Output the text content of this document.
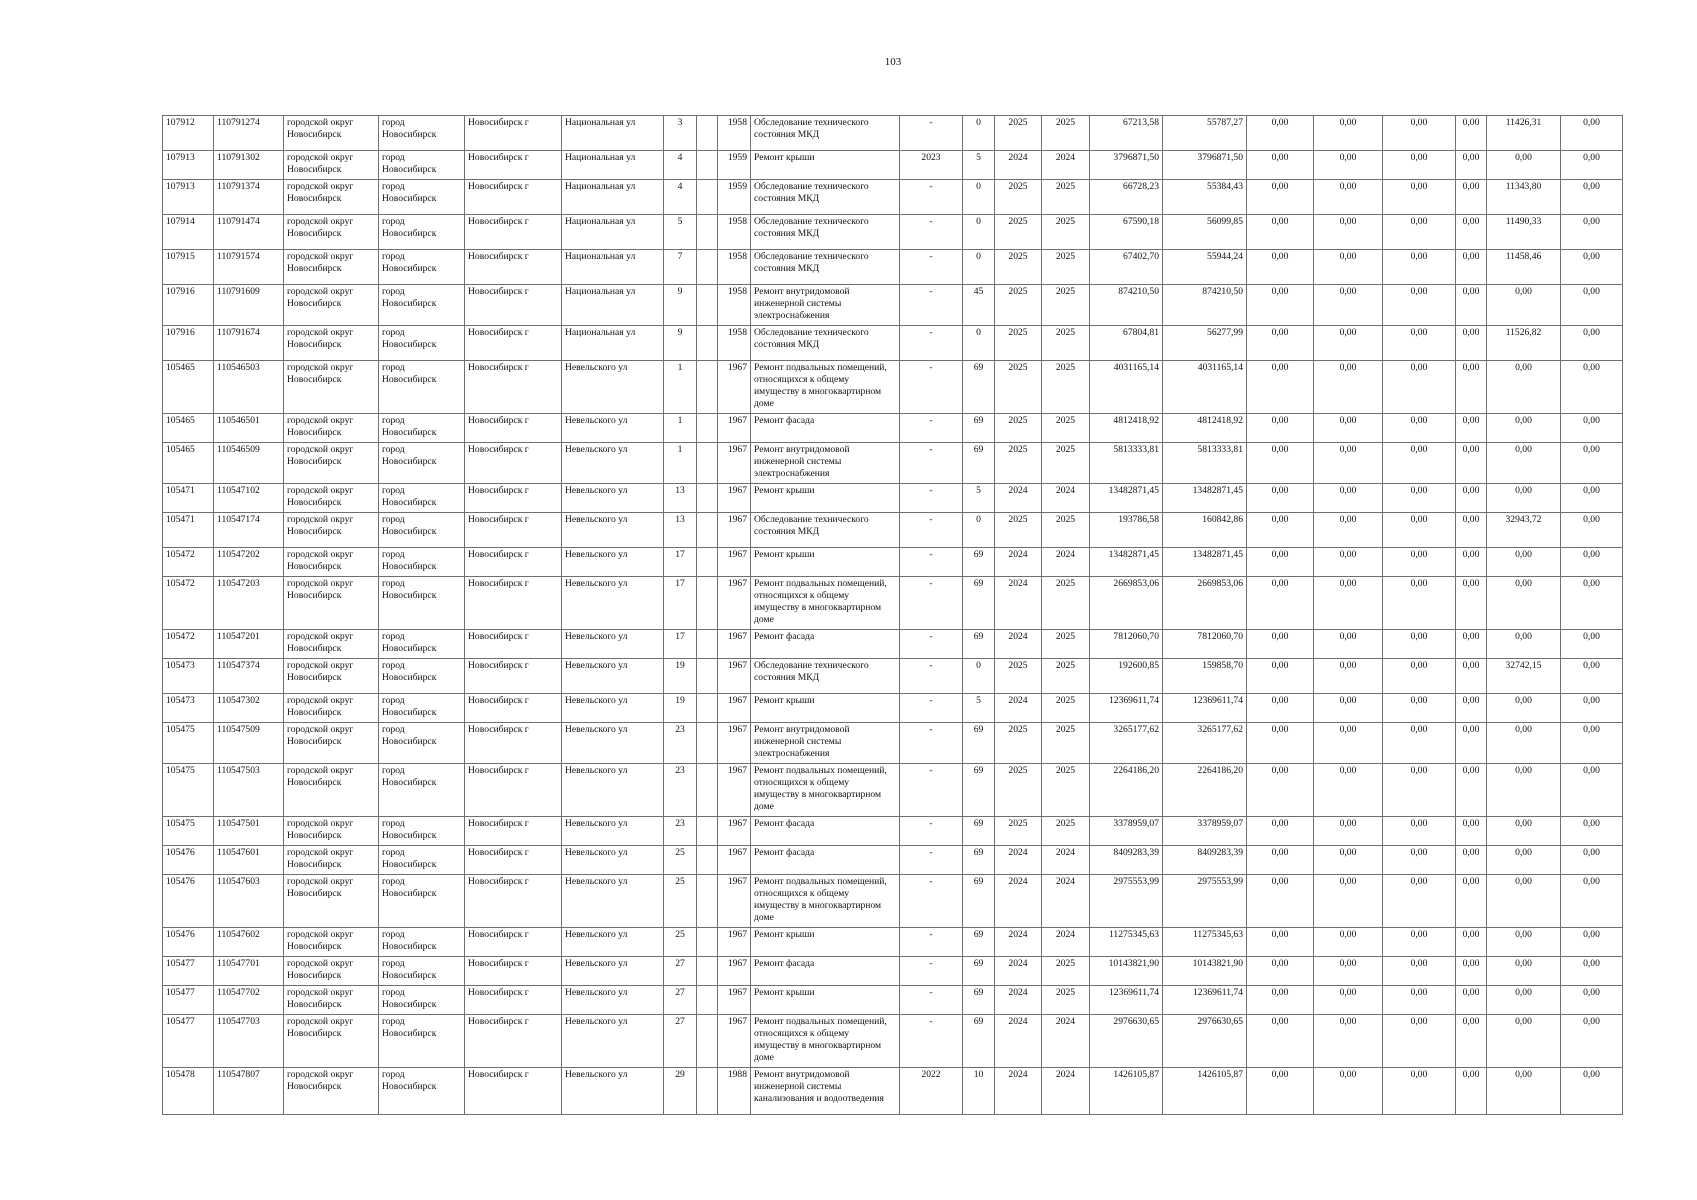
103
107912	110791274	городской округ Новосибирск	город Новосибирск	Новосибирск г	Национальная ул	3		1958	Обследование технического состояния МКД	-	0	2025	2025	67213,58	55787,27	0,00	0,00	0,00	0,00	11426,31	0,00
107913	110791302	городской округ Новосибирск	город Новосибирск	Новосибирск г	Национальная ул	4		1959	Ремонт крыши	2023	5	2024	2024	3796871,50	3796871,50	0,00	0,00	0,00	0,00	0,00	0,00
107913	110791374	городской округ Новосибирск	город Новосибирск	Новосибирск г	Национальная ул	4		1959	Обследование технического состояния МКД	-	0	2025	2025	66728,23	55384,43	0,00	0,00	0,00	0,00	11343,80	0,00
107914	110791474	городской округ Новосибирск	город Новосибирск	Новосибирск г	Национальная ул	5		1958	Обследование технического состояния МКД	-	0	2025	2025	67590,18	56099,85	0,00	0,00	0,00	0,00	11490,33	0,00
107915	110791574	городской округ Новосибирск	город Новосибирск	Новосибирск г	Национальная ул	7		1958	Обследование технического состояния МКД	-	0	2025	2025	67402,70	55944,24	0,00	0,00	0,00	0,00	11458,46	0,00
107916	110791609	городской округ Новосибирск	город Новосибирск	Новосибирск г	Национальная ул	9		1958	Ремонт внутридомовой инженерной системы электроснабжения	-	45	2025	2025	874210,50	874210,50	0,00	0,00	0,00	0,00	0,00	0,00
107916	110791674	городской округ Новосибирск	город Новосибирск	Новосибирск г	Национальная ул	9		1958	Обследование технического состояния МКД	-	0	2025	2025	67804,81	56277,99	0,00	0,00	0,00	0,00	11526,82	0,00
105465	110546503	городской округ Новосибирск	город Новосибирск	Новосибирск г	Невельского ул	1		1967	Ремонт подвальных помещений, относящихся к общему имуществу в многоквартирном доме	-	69	2025	2025	4031165,14	4031165,14	0,00	0,00	0,00	0,00	0,00	0,00
105465	110546501	городской округ Новосибирск	город Новосибирск	Новосибирск г	Невельского ул	1		1967	Ремонт фасада	-	69	2025	2025	4812418,92	4812418,92	0,00	0,00	0,00	0,00	0,00	0,00
105465	110546509	городской округ Новосибирск	город Новосибирск	Новосибирск г	Невельского ул	1		1967	Ремонт внутридомовой инженерной системы электроснабжения	-	69	2025	2025	5813333,81	5813333,81	0,00	0,00	0,00	0,00	0,00	0,00
105471	110547102	городской округ Новосибирск	город Новосибирск	Новосибирск г	Невельского ул	13		1967	Ремонт крыши	-	5	2024	2024	13482871,45	13482871,45	0,00	0,00	0,00	0,00	0,00	0,00
105471	110547174	городской округ Новосибирск	город Новосибирск	Новосибирск г	Невельского ул	13		1967	Обследование технического состояния МКД	-	0	2025	2025	193786,58	160842,86	0,00	0,00	0,00	0,00	32943,72	0,00
105472	110547202	городской округ Новосибирск	город Новосибирск	Новосибирск г	Невельского ул	17		1967	Ремонт крыши	-	69	2024	2024	13482871,45	13482871,45	0,00	0,00	0,00	0,00	0,00	0,00
105472	110547203	городской округ Новосибирск	город Новосибирск	Новосибирск г	Невельского ул	17		1967	Ремонт подвальных помещений, относящихся к общему имуществу в многоквартирном доме	-	69	2024	2025	2669853,06	2669853,06	0,00	0,00	0,00	0,00	0,00	0,00
105472	110547201	городской округ Новосибирск	город Новосибирск	Новосибирск г	Невельского ул	17		1967	Ремонт фасада	-	69	2024	2025	7812060,70	7812060,70	0,00	0,00	0,00	0,00	0,00	0,00
105473	110547374	городской округ Новосибирск	город Новосибирск	Новосибирск г	Невельского ул	19		1967	Обследование технического состояния МКД	-	0	2025	2025	192600,85	159858,70	0,00	0,00	0,00	0,00	32742,15	0,00
105473	110547302	городской округ Новосибирск	город Новосибирск	Новосибирск г	Невельского ул	19		1967	Ремонт крыши	-	5	2024	2025	12369611,74	12369611,74	0,00	0,00	0,00	0,00	0,00	0,00
105475	110547509	городской округ Новосибирск	город Новосибирск	Новосибирск г	Невельского ул	23		1967	Ремонт внутридомовой инженерной системы электроснабжения	-	69	2025	2025	3265177,62	3265177,62	0,00	0,00	0,00	0,00	0,00	0,00
105475	110547503	городской округ Новосибирск	город Новосибирск	Новосибирск г	Невельского ул	23		1967	Ремонт подвальных помещений, относящихся к общему имуществу в многоквартирном доме	-	69	2025	2025	2264186,20	2264186,20	0,00	0,00	0,00	0,00	0,00	0,00
105475	110547501	городской округ Новосибирск	город Новосибирск	Новосибирск г	Невельского ул	23		1967	Ремонт фасада	-	69	2025	2025	3378959,07	3378959,07	0,00	0,00	0,00	0,00	0,00	0,00
105476	110547601	городской округ Новосибирск	город Новосибирск	Новосибирск г	Невельского ул	25		1967	Ремонт фасада	-	69	2024	2024	8409283,39	8409283,39	0,00	0,00	0,00	0,00	0,00	0,00
105476	110547603	городской округ Новосибирск	город Новосибирск	Новосибирск г	Невельского ул	25		1967	Ремонт подвальных помещений, относящихся к общему имуществу в многоквартирном доме	-	69	2024	2024	2975553,99	2975553,99	0,00	0,00	0,00	0,00	0,00	0,00
105476	110547602	городской округ Новосибирск	город Новосибирск	Новосибирск г	Невельского ул	25		1967	Ремонт крыши	-	69	2024	2024	11275345,63	11275345,63	0,00	0,00	0,00	0,00	0,00	0,00
105477	110547701	городской округ Новосибирск	город Новосибирск	Новосибирск г	Невельского ул	27		1967	Ремонт фасада	-	69	2024	2025	10143821,90	10143821,90	0,00	0,00	0,00	0,00	0,00	0,00
105477	110547702	городской округ Новосибирск	город Новосибирск	Новосибирск г	Невельского ул	27		1967	Ремонт крыши	-	69	2024	2025	12369611,74	12369611,74	0,00	0,00	0,00	0,00	0,00	0,00
105477	110547703	городской округ Новосибирск	город Новосибирск	Новосибирск г	Невельского ул	27		1967	Ремонт подвальных помещений, относящихся к общему имуществу в многоквартирном доме	-	69	2024	2024	2976630,65	2976630,65	0,00	0,00	0,00	0,00	0,00	0,00
105478	110547807	городской округ Новосибирск	город Новосибирск	Новосибирск г	Невельского ул	29		1988	Ремонт внутридомовой инженерной системы канализования и водоотведения	2022	10	2024	2024	1426105,87	1426105,87	0,00	0,00	0,00	0,00	0,00	0,00
